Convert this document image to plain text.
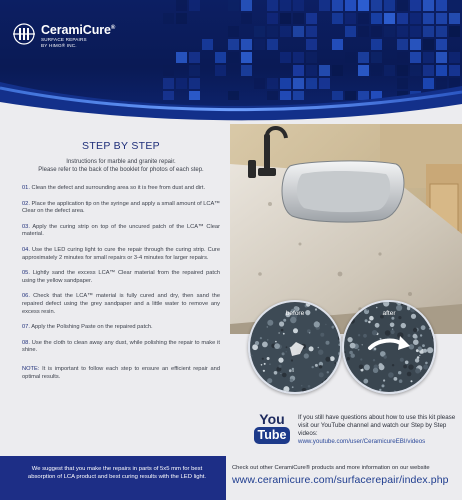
CeramiCure®
SURFACE REPAIRS
BY HIMG® INC.
STEP BY STEP
Instructions for marble and granite repair.
Please refer to the back of the booklet for photos of each step.
01. Clean the defect and surrounding area so it is free from dust and dirt.
02. Place the application tip on the syringe and apply a small amount of LCA™ Clear on the defect area.
03. Apply the curing strip on top of the uncured patch of the LCA™ Clear material.
04. Use the LED curing light to cure the repair through the curing strip. Cure approximately 2 minutes for small repairs or 3-4 minutes for larger repairs.
05. Lightly sand the excess LCA™ Clear material from the repaired patch using the yellow sandpaper.
06. Check that the LCA™ material is fully cured and dry, then sand the repaired defect using the grey sandpaper and a little water to remove any excess resin.
07. Apply the Polishing Paste on the repaired patch.
08. Use the cloth to clean away any dust, while polishing the repair to make it shine.
NOTE: It is important to follow each step to ensure an efficient repair and optimal results.
before	after
You
Tube
If you still have questions about how to use this kit please visit our YouTube channel and watch our Step by Step videos:
www.youtube.com/user/CeramicureEBI/videos
We suggest that you make the repairs in parts of 5x5 mm for best absorption of LCA product and best curing results with the LED light.
Check out other CeramiCure® products and more information on our website
www.ceramicure.com/surfacerepair/index.php
